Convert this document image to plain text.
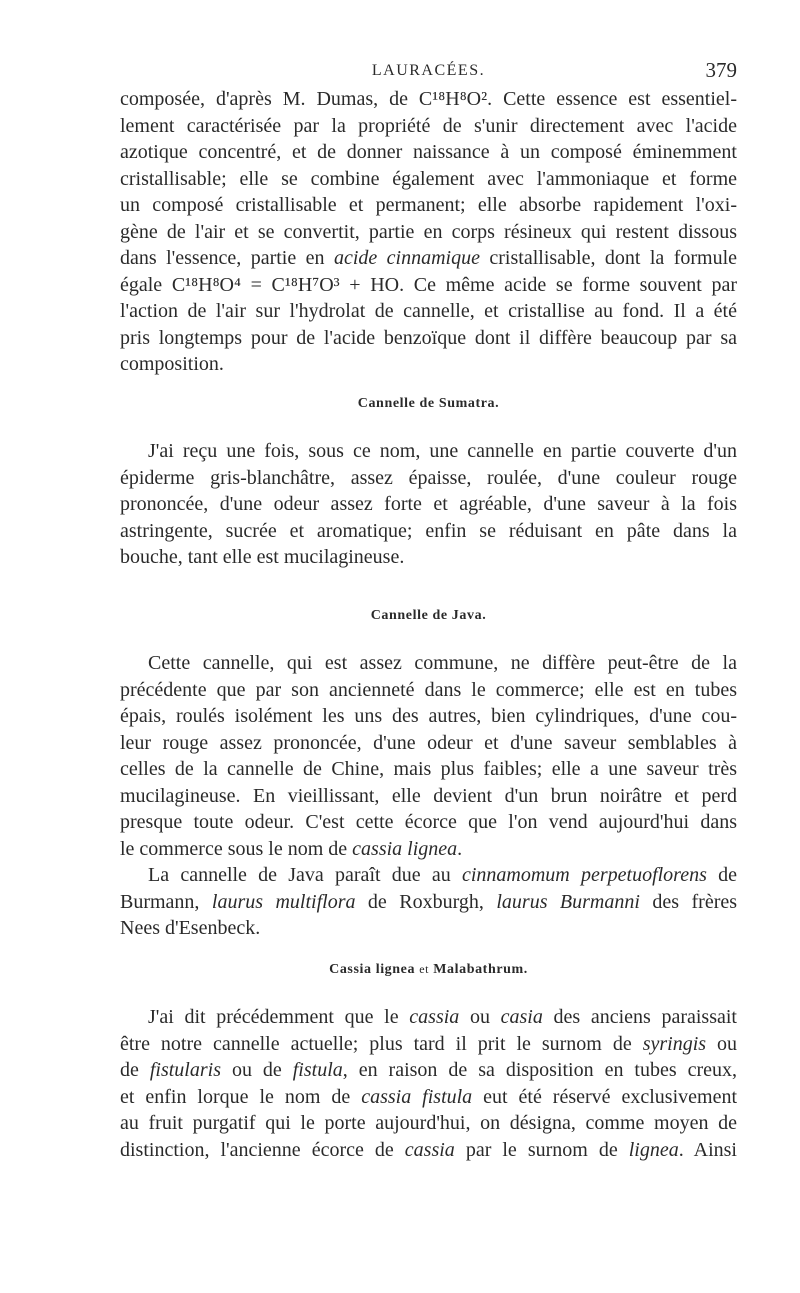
LAURACÉES.	379
composée, d'après M. Dumas, de C¹⁸H⁸O². Cette essence est essentiel-
lement caractérisée par la propriété de s'unir directement avec l'acide
azotique concentré, et de donner naissance à un composé éminemment
cristallisable; elle se combine également avec l'ammoniaque et forme
un composé cristallisable et permanent; elle absorbe rapidement l'oxi-
gène de l'air et se convertit, partie en corps résineux qui restent dissous
dans l'essence, partie en acide cinnamique cristallisable, dont la formule
égale C¹⁸H⁸O⁴ = C¹⁸H⁷O³ + HO. Ce même acide se forme souvent par
l'action de l'air sur l'hydrolat de cannelle, et cristallise au fond. Il a été
pris longtemps pour de l'acide benzoïque dont il diffère beaucoup par sa
composition.
Cannelle de Sumatra.
J'ai reçu une fois, sous ce nom, une cannelle en partie couverte d'un
épiderme gris-blanchâtre, assez épaisse, roulée, d'une couleur rouge
prononcée, d'une odeur assez forte et agréable, d'une saveur à la fois
astringente, sucrée et aromatique; enfin se réduisant en pâte dans la
bouche, tant elle est mucilagineuse.
Cannelle de Java.
Cette cannelle, qui est assez commune, ne diffère peut-être de la
précédente que par son ancienneté dans le commerce; elle est en tubes
épais, roulés isolément les uns des autres, bien cylindriques, d'une cou-
leur rouge assez prononcée, d'une odeur et d'une saveur semblables à
celles de la cannelle de Chine, mais plus faibles; elle a une saveur très
mucilagineuse. En vieillissant, elle devient d'un brun noirâtre et perd
presque toute odeur. C'est cette écorce que l'on vend aujourd'hui dans
le commerce sous le nom de cassia lignea.
La cannelle de Java paraît due au cinnamomum perpetuoflorens de
Burmann, laurus multiflora de Roxburgh, laurus Burmanni des frères
Nees d'Esenbeck.
Cassia lignea et Malabathrum.
J'ai dit précédemment que le cassia ou casia des anciens paraissait
être notre cannelle actuelle; plus tard il prit le surnom de syringis ou
de fistularis ou de fistula, en raison de sa disposition en tubes creux,
et enfin lorque le nom de cassia fistula eut été réservé exclusivement
au fruit purgatif qui le porte aujourd'hui, on désigna, comme moyen de
distinction, l'ancienne écorce de cassia par le surnom de lignea. Ainsi
